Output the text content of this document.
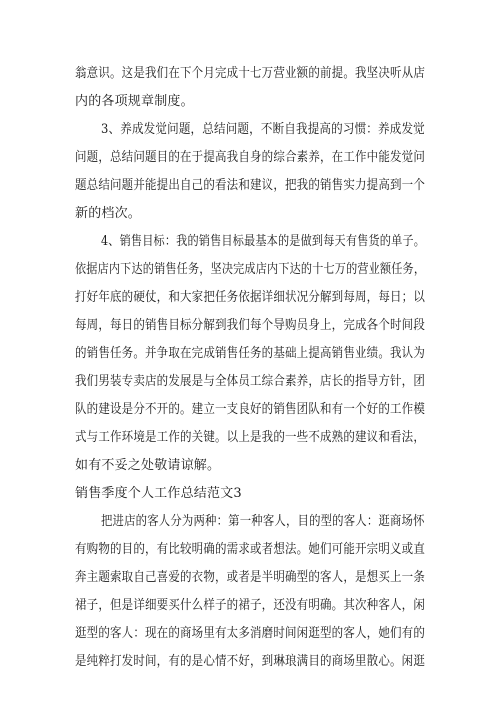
翁意识。这是我们在下个月完成十七万营业额的前提。我坚决听从店
内的各项规章制度。
3、养成发觉问题，总结问题，不断自我提高的习惯：养成发觉
问题，总结问题目的在于提高我自身的综合素养，在工作中能发觉问
题总结问题并能提出自己的看法和建议，把我的销售实力提高到一个
新的档次。
4、销售目标：我的销售目标最基本的是做到每天有售货的单子。
依据店内下达的销售任务，坚决完成店内下达的十七万的营业额任务，
打好年底的硬仗，和大家把任务依据详细状况分解到每周，每日；以
每周，每日的销售目标分解到我们每个导购员身上，完成各个时间段
的销售任务。并争取在完成销售任务的基础上提高销售业绩。我认为
我们男装专卖店的发展是与全体员工综合素养，店长的指导方针，团
队的建设是分不开的。建立一支良好的销售团队和有一个好的工作模
式与工作环境是工作的关键。以上是我的一些不成熟的建议和看法，
如有不妥之处敬请谅解。
销售季度个人工作总结范文3
把进店的客人分为两种：第一种客人，目的型的客人：逛商场怀
有购物的目的，有比较明确的需求或者想法。她们可能开宗明义或直
奔主题索取自己喜爱的衣物，或者是半明确型的客人，是想买上一条
裙子，但是详细要买什么样子的裙子，还没有明确。其次种客人，闲
逛型的客人：现在的商场里有太多消磨时间闲逛型的客人，她们有的
是纯粹打发时间，有的是心情不好，到琳琅满目的商场里散心。闲逛
